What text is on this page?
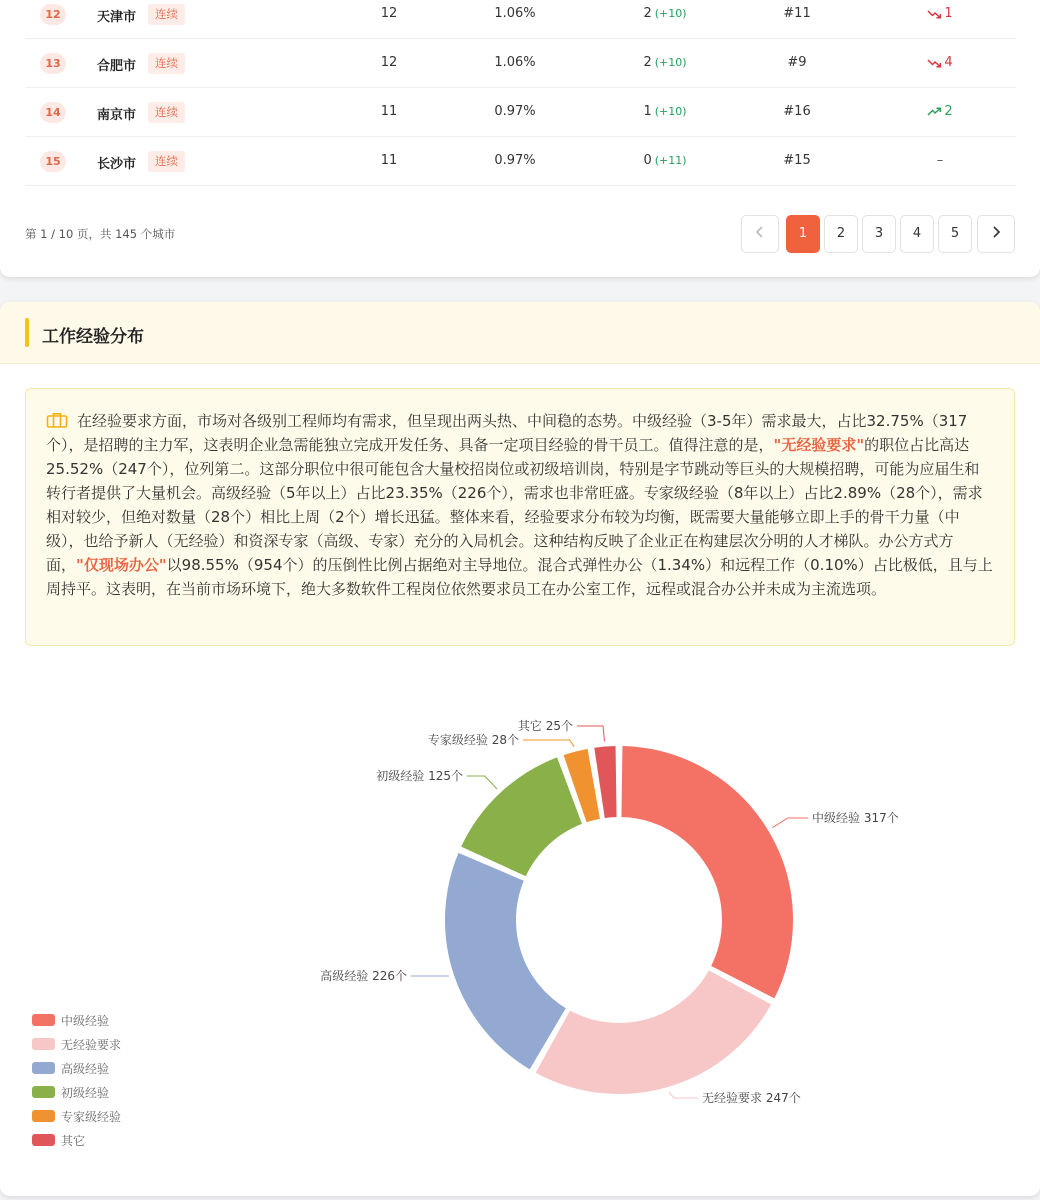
12	天津市	连续	12	1.06%	2 (+10)	#11	1
13	合肥市	连续	12	1.06%	2 (+10)	#9	4
14	南京市	连续	11	0.97%	1 (+10)	#16	2
15	长沙市	连续	11	0.97%	0 (+11)	#15	–
第 1 / 10 页，共 145 个城市	1	2	3	4	5
工作经验分布
在经验要求方面，市场对各级别工程师均有需求，但呈现出两头热、中间稳的态势。中级经验（3-5年）需求最大，占比32.75%（317个），是招聘的主力军，这表明企业急需能独立完成开发任务、具备一定项目经验的骨干员工。值得注意的是，"无经验要求"的职位占比高达25.52%（247个），位列第二。这部分职位中很可能包含大量校招岗位或初级培训岗，特别是字节跳动等巨头的大规模招聘，可能为应届生和转行者提供了大量机会。高级经验（5年以上）占比23.35%（226个），需求也非常旺盛。专家级经验（8年以上）占比2.89%（28个），需求相对较少，但绝对数量（28个）相比上周（2个）增长迅猛。整体来看，经验要求分布较为均衡，既需要大量能够立即上手的骨干力量（中级），也给予新人（无经验）和资深专家（高级、专家）充分的入局机会。这种结构反映了企业正在构建层次分明的人才梯队。办公方式方面，"仅现场办公"以98.55%（954个）的压倒性比例占据绝对主导地位。混合式弹性办公（1.34%）和远程工作（0.10%）占比极低，且与上周持平。这表明，在当前市场环境下，绝大多数软件工程岗位依然要求员工在办公室工作，远程或混合办公并未成为主流选项。
中级经验 317个
无经验要求 247个
高级经验 226个
初级经验 125个
专家级经验 28个
其它 25个
中级经验
无经验要求
高级经验
初级经验
专家级经验
其它
